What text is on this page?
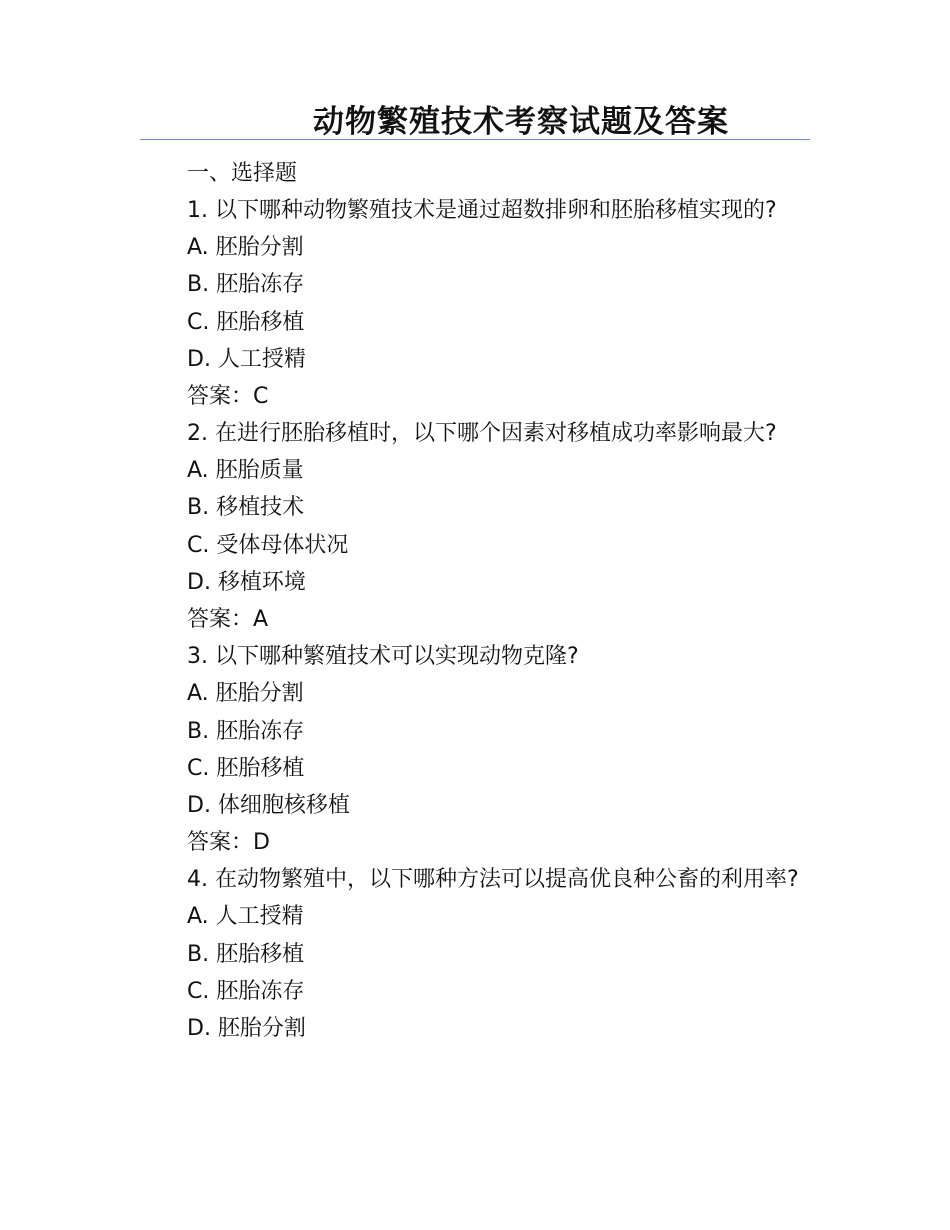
动物繁殖技术考察试题及答案

一、选择题

1. 以下哪种动物繁殖技术是通过超数排卵和胚胎移植实现的?

A. 胚胎分割

B. 胚胎冻存

C. 胚胎移植

D. 人工授精

答案：C

2. 在进行胚胎移植时，以下哪个因素对移植成功率影响最大?

A. 胚胎质量

B. 移植技术

C. 受体母体状况

D. 移植环境

答案：A

3. 以下哪种繁殖技术可以实现动物克隆?

A. 胚胎分割

B. 胚胎冻存

C. 胚胎移植

D. 体细胞核移植

答案：D

4. 在动物繁殖中，以下哪种方法可以提高优良种公畜的利用率?

A. 人工授精

B. 胚胎移植

C. 胚胎冻存

D. 胚胎分割
